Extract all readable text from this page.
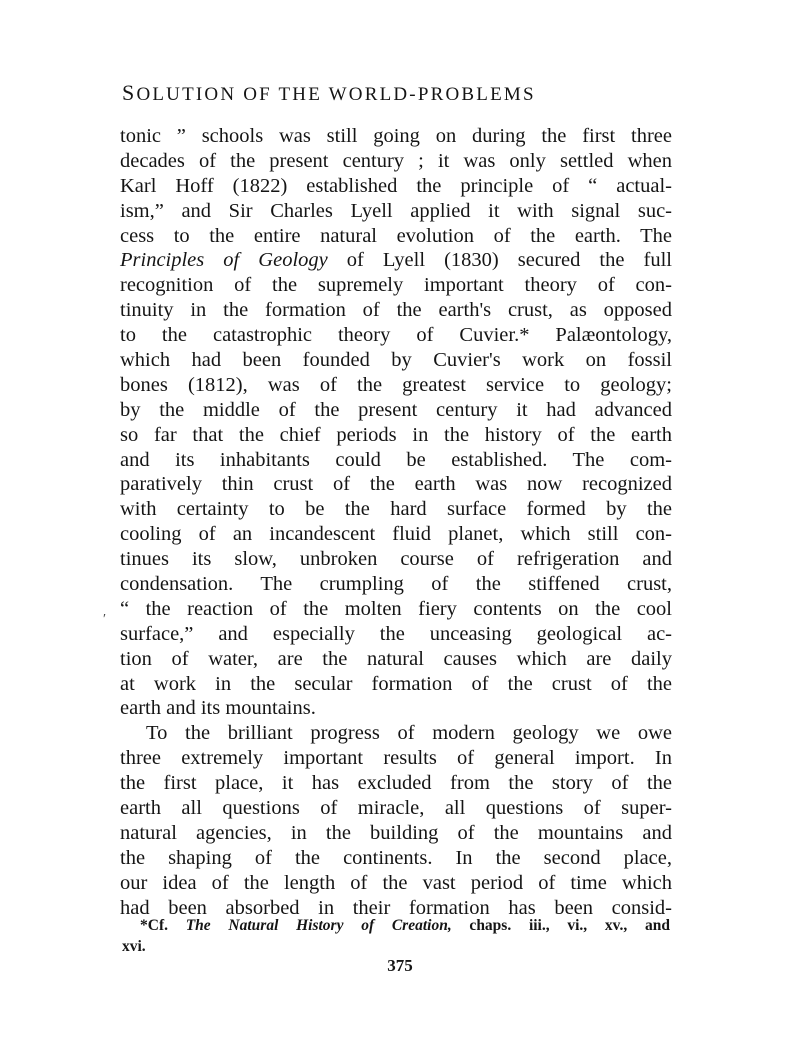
SOLUTION OF THE WORLD-PROBLEMS
tonic ” schools was still going on during the first three
decades of the present century ; it was only settled when
Karl Hoff (1822) established the principle of “ actual-
ism,” and Sir Charles Lyell applied it with signal suc-
cess to the entire natural evolution of the earth. The
Principles of Geology of Lyell (1830) secured the full
recognition of the supremely important theory of con-
tinuity in the formation of the earth's crust, as opposed
to the catastrophic theory of Cuvier.* Palæontology,
which had been founded by Cuvier's work on fossil
bones (1812), was of the greatest service to geology;
by the middle of the present century it had advanced
so far that the chief periods in the history of the earth
and its inhabitants could be established. The com-
paratively thin crust of the earth was now recognized
with certainty to be the hard surface formed by the
cooling of an incandescent fluid planet, which still con-
tinues its slow, unbroken course of refrigeration and
condensation. The crumpling of the stiffened crust,
“ the reaction of the molten fiery contents on the cool
surface,” and especially the unceasing geological ac-
tion of water, are the natural causes which are daily
at work in the secular formation of the crust of the
earth and its mountains.
To the brilliant progress of modern geology we owe
three extremely important results of general import. In
the first place, it has excluded from the story of the
earth all questions of miracle, all questions of super-
natural agencies, in the building of the mountains and
the shaping of the continents. In the second place,
our idea of the length of the vast period of time which
had been absorbed in their formation has been consid-
*Cf. The Natural History of Creation, chaps. iii., vi., xv., and
xvi.
375
′
